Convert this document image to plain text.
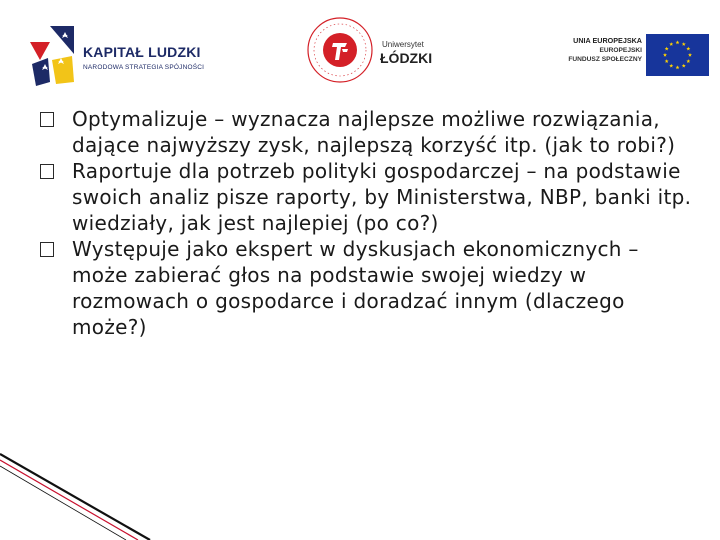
KAPITAŁ LUDZKI
NARODOWA STRATEGIA SPÓJNOŚCI
Uniwersytet
ŁÓDZKI
UNIA EUROPEJSKA
EUROPEJSKI
FUNDUSZ SPOŁECZNY
Optymalizuje – wyznacza najlepsze możliwe rozwiązania, dające najwyższy zysk, najlepszą korzyść itp. (jak to robi?)
Raportuje dla potrzeb polityki gospodarczej – na podstawie swoich analiz pisze raporty, by Ministerstwa, NBP, banki itp. wiedziały, jak jest najlepiej (po co?)
Występuje jako ekspert w dyskusjach ekonomicznych – może zabierać głos na podstawie swojej wiedzy w rozmowach o gospodarce i doradzać innym (dlaczego może?)
